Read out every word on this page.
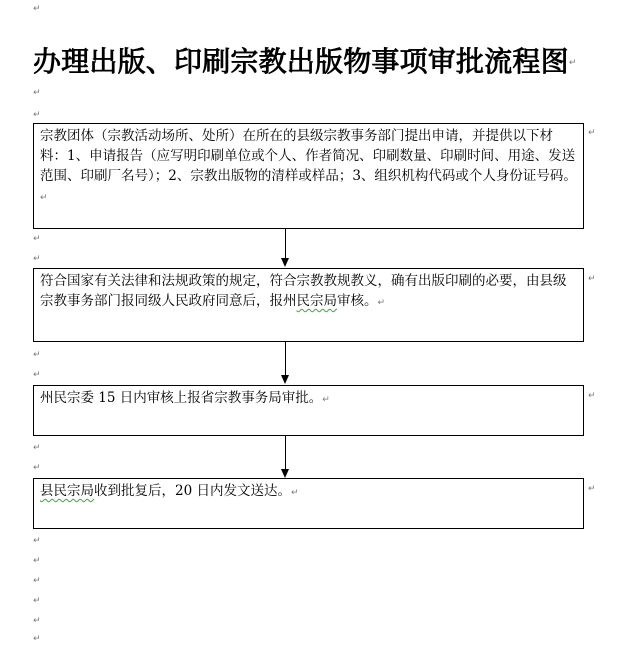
↵
办理出版、印刷宗教出版物事项审批流程图↵
↵
↵
宗教团体（宗教活动场所、处所）在所在的县级宗教事务部门提出申请，并提供以下材料：1、申请报告（应写明印刷单位或个人、作者简况、印刷数量、印刷时间、用途、发送范围、印刷厂名号）；2、宗教出版物的清样或样品；3、组织机构代码或个人身份证号码。↵
↵
↵
↵
符合国家有关法律和法规政策的规定，符合宗教教规教义，确有出版印刷的必要，由县级宗教事务部门报同级人民政府同意后，报州民宗局审核。↵
↵
↵
↵
州民宗委 15 日内审核上报省宗教事务局审批。↵	↵
↵
↵
县民宗局收到批复后，20 日内发文送达。↵	↵
↵
↵
↵
↵
↵
↵
